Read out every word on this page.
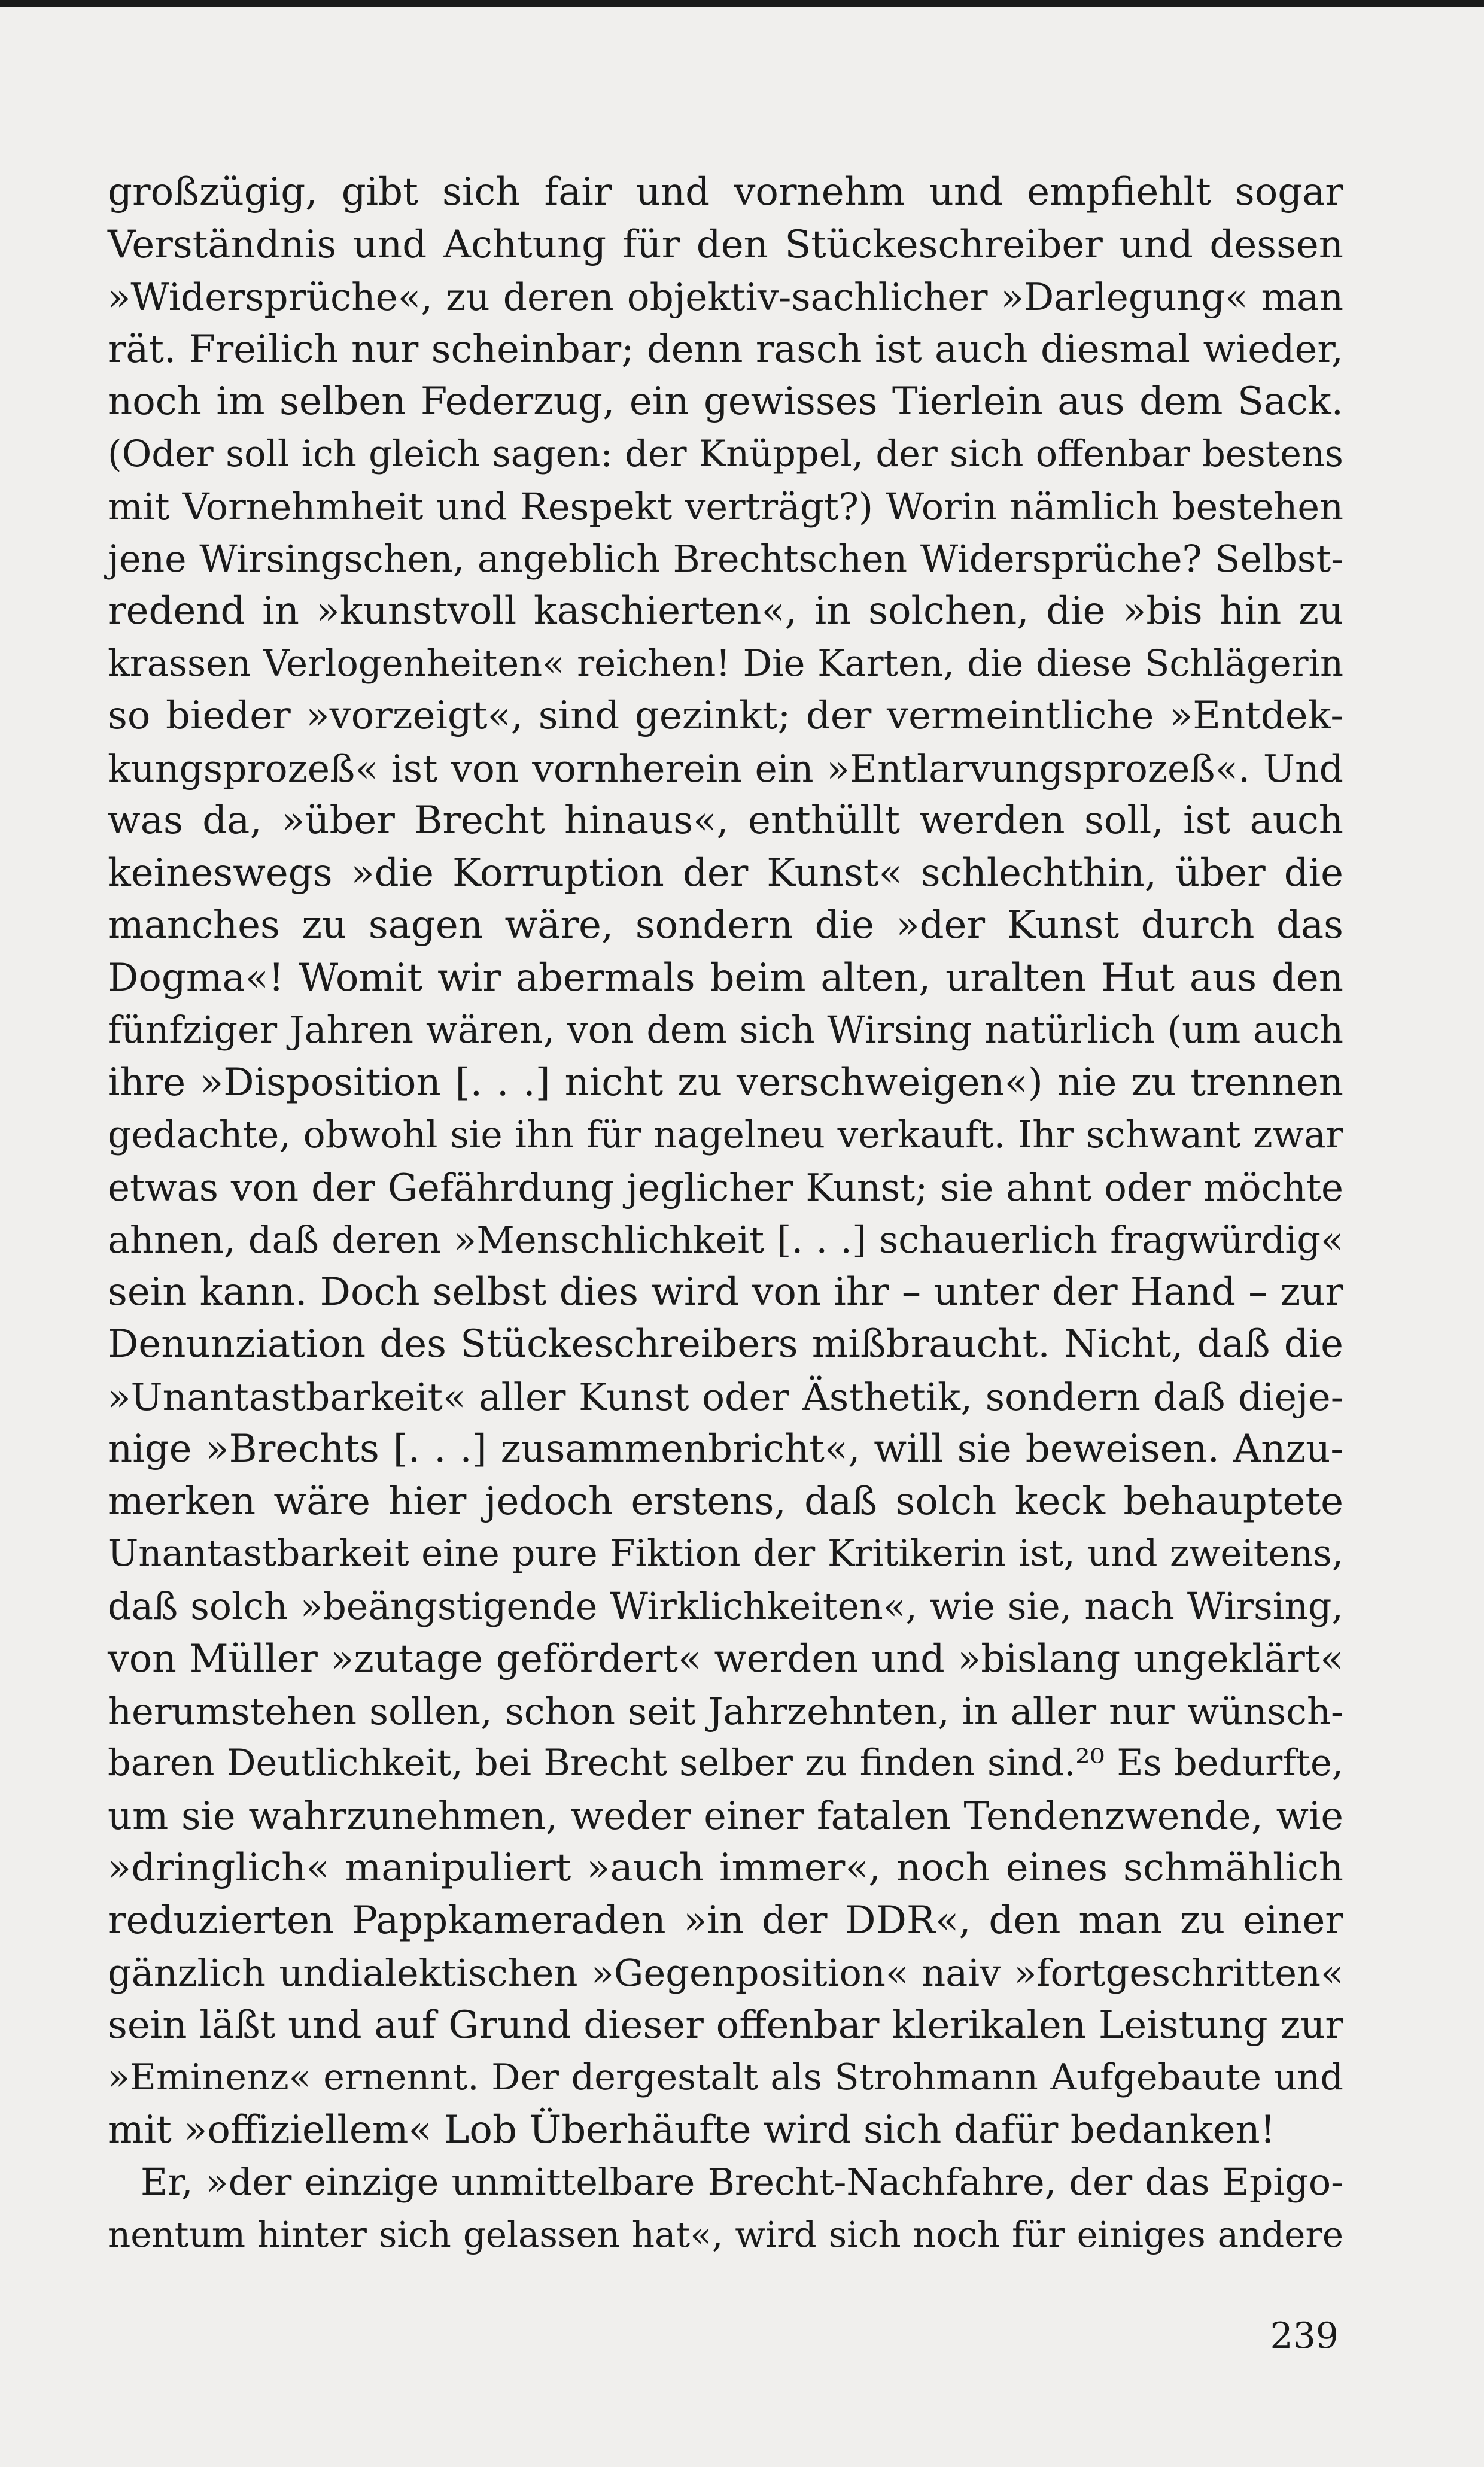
großzügig, gibt sich fair und vornehm und empfiehlt sogar
Verständnis und Achtung für den Stückeschreiber und dessen
»Widersprüche«, zu deren objektiv-sachlicher »Darlegung« man
rät. Freilich nur scheinbar; denn rasch ist auch diesmal wieder,
noch im selben Federzug, ein gewisses Tierlein aus dem Sack.
(Oder soll ich gleich sagen: der Knüppel, der sich offenbar bestens
mit Vornehmheit und Respekt verträgt?) Worin nämlich bestehen
jene Wirsingschen, angeblich Brechtschen Widersprüche? Selbst-
redend in »kunstvoll kaschierten«, in solchen, die »bis hin zu
krassen Verlogenheiten« reichen! Die Karten, die diese Schlägerin
so bieder »vorzeigt«, sind gezinkt; der vermeintliche »Entdek-
kungsprozeß« ist von vornherein ein »Entlarvungsprozeß«. Und
was da, »über Brecht hinaus«, enthüllt werden soll, ist auch
keineswegs »die Korruption der Kunst« schlechthin, über die
manches zu sagen wäre, sondern die »der Kunst durch das
Dogma«! Womit wir abermals beim alten, uralten Hut aus den
fünfziger Jahren wären, von dem sich Wirsing natürlich (um auch
ihre »Disposition [. . .] nicht zu verschweigen«) nie zu trennen
gedachte, obwohl sie ihn für nagelneu verkauft. Ihr schwant zwar
etwas von der Gefährdung jeglicher Kunst; sie ahnt oder möchte
ahnen, daß deren »Menschlichkeit [. . .] schauerlich fragwürdig«
sein kann. Doch selbst dies wird von ihr – unter der Hand – zur
Denunziation des Stückeschreibers mißbraucht. Nicht, daß die
»Unantastbarkeit« aller Kunst oder Ästhetik, sondern daß dieje-
nige »Brechts [. . .] zusammenbricht«, will sie beweisen. Anzu-
merken wäre hier jedoch erstens, daß solch keck behauptete
Unantastbarkeit eine pure Fiktion der Kritikerin ist, und zweitens,
daß solch »beängstigende Wirklichkeiten«, wie sie, nach Wirsing,
von Müller »zutage gefördert« werden und »bislang ungeklärt«
herumstehen sollen, schon seit Jahrzehnten, in aller nur wünsch-
baren Deutlichkeit, bei Brecht selber zu finden sind.²⁰ Es bedurfte,
um sie wahrzunehmen, weder einer fatalen Tendenzwende, wie
»dringlich« manipuliert »auch immer«, noch eines schmählich
reduzierten Pappkameraden »in der DDR«, den man zu einer
gänzlich undialektischen »Gegenposition« naiv »fortgeschritten«
sein läßt und auf Grund dieser offenbar klerikalen Leistung zur
»Eminenz« ernennt. Der dergestalt als Strohmann Aufgebaute und
mit »offiziellem« Lob Überhäufte wird sich dafür bedanken!
Er, »der einzige unmittelbare Brecht-Nachfahre, der das Epigo-
nentum hinter sich gelassen hat«, wird sich noch für einiges andere
239
